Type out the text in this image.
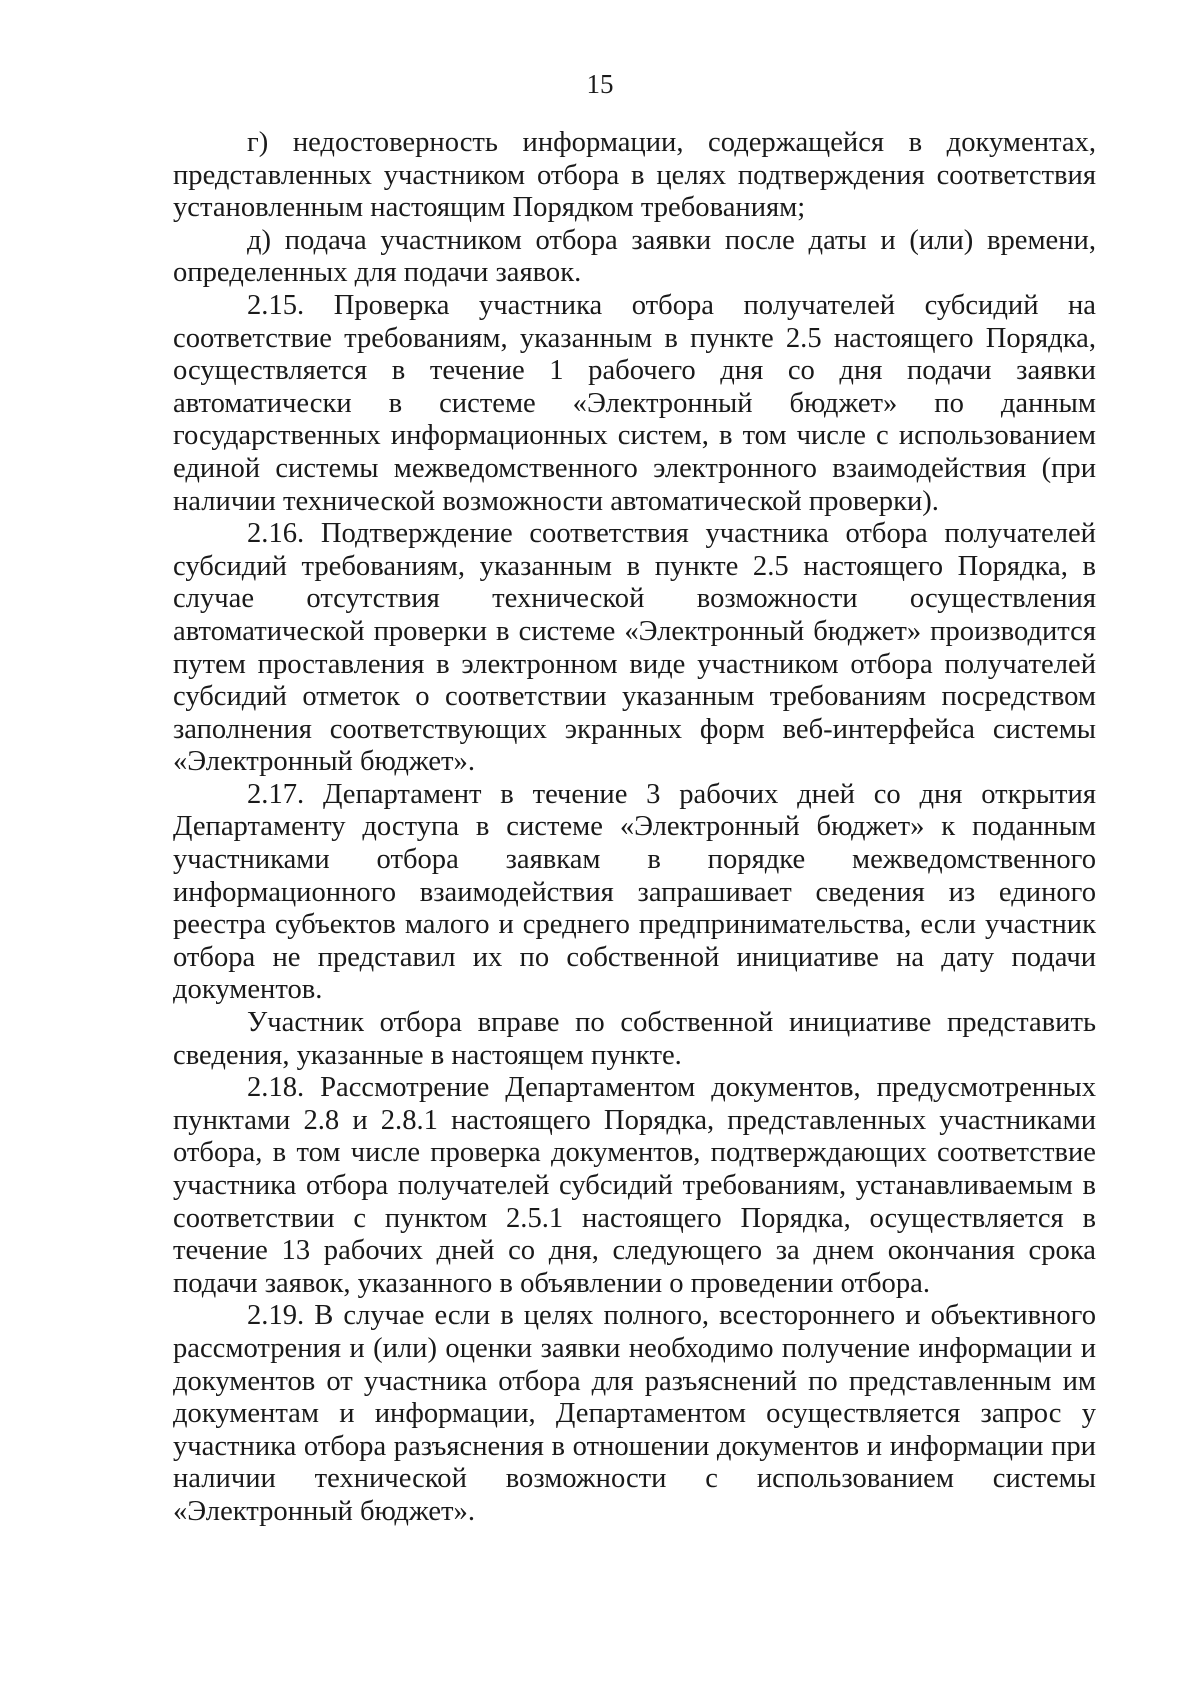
15

г) недостоверность информации, содержащейся в документах, представленных участником отбора в целях подтверждения соответствия установленным настоящим Порядком требованиям;

д) подача участником отбора заявки после даты и (или) времени, определенных для подачи заявок.

2.15. Проверка участника отбора получателей субсидий на соответствие требованиям, указанным в пункте 2.5 настоящего Порядка, осуществляется в течение 1 рабочего дня со дня подачи заявки автоматически в системе «Электронный бюджет» по данным государственных информационных систем, в том числе с использованием единой системы межведомственного электронного взаимодействия (при наличии технической возможности автоматической проверки).

2.16. Подтверждение соответствия участника отбора получателей субсидий требованиям, указанным в пункте 2.5 настоящего Порядка, в случае отсутствия технической возможности осуществления автоматической проверки в системе «Электронный бюджет» производится путем проставления в электронном виде участником отбора получателей субсидий отметок о соответствии указанным требованиям посредством заполнения соответствующих экранных форм веб-интерфейса системы «Электронный бюджет».

2.17. Департамент в течение 3 рабочих дней со дня открытия Департаменту доступа в системе «Электронный бюджет» к поданным участниками отбора заявкам в порядке межведомственного информационного взаимодействия запрашивает сведения из единого реестра субъектов малого и среднего предпринимательства, если участник отбора не представил их по собственной инициативе на дату подачи документов.

Участник отбора вправе по собственной инициативе представить сведения, указанные в настоящем пункте.

2.18. Рассмотрение Департаментом документов, предусмотренных пунктами 2.8 и 2.8.1 настоящего Порядка, представленных участниками отбора, в том числе проверка документов, подтверждающих соответствие участника отбора получателей субсидий требованиям, устанавливаемым в соответствии с пунктом 2.5.1 настоящего Порядка, осуществляется в течение 13 рабочих дней со дня, следующего за днем окончания срока подачи заявок, указанного в объявлении о проведении отбора.

2.19. В случае если в целях полного, всестороннего и объективного рассмотрения и (или) оценки заявки необходимо получение информации и документов от участника отбора для разъяснений по представленным им документам и информации, Департаментом осуществляется запрос у участника отбора разъяснения в отношении документов и информации при наличии технической возможности с использованием системы «Электронный бюджет».
